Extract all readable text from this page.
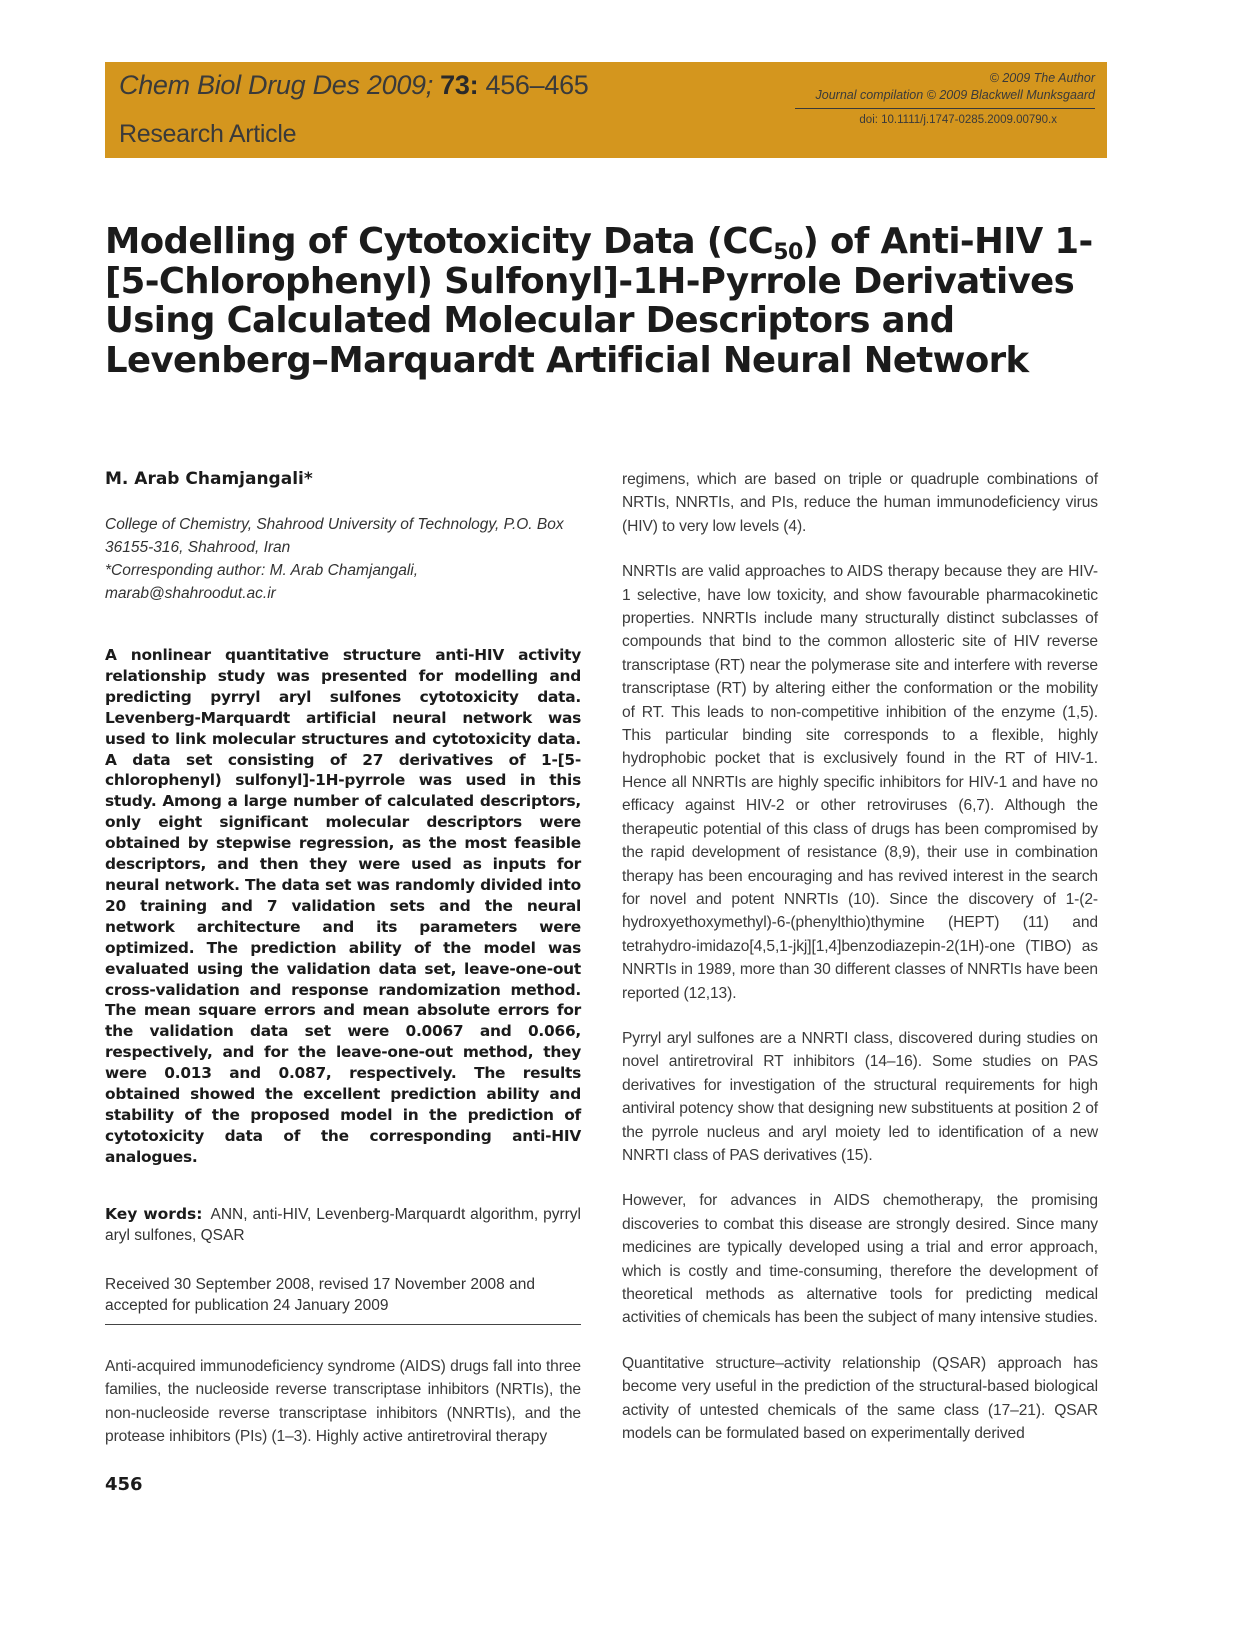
Chem Biol Drug Des 2009; 73: 456–465
Research Article
© 2009 The Author
Journal compilation © 2009 Blackwell Munksgaard
doi: 10.1111/j.1747-0285.2009.00790.x
Modelling of Cytotoxicity Data $(CC_{50})$ of Anti-HIV 1-[5-Chlorophenyl) Sulfonyl]-1H-Pyrrole Derivatives Using Calculated Molecular Descriptors and Levenberg–Marquardt Artificial Neural Network
M. Arab Chamjangali*
College of Chemistry, Shahrood University of Technology, P.O. Box
36155-316, Shahrood, Iran
*Corresponding author: M. Arab Chamjangali,
marab@shahroodut.ac.ir
A nonlinear quantitative structure anti-HIV activity relationship study was presented for modelling and predicting pyrryl aryl sulfones cytotoxicity data. Levenberg-Marquardt artificial neural network was used to link molecular structures and cytotoxicity data. A data set consisting of 27 derivatives of 1-[5-chlorophenyl) sulfonyl]-1H-pyrrole was used in this study. Among a large number of calculated descriptors, only eight significant molecular descriptors were obtained by stepwise regression, as the most feasible descriptors, and then they were used as inputs for neural network. The data set was randomly divided into 20 training and 7 validation sets and the neural network architecture and its parameters were optimized. The prediction ability of the model was evaluated using the validation data set, leave-one-out cross-validation and response randomization method. The mean square errors and mean absolute errors for the validation data set were 0.0067 and 0.066, respectively, and for the leave-one-out method, they were 0.013 and 0.087, respectively. The results obtained showed the excellent prediction ability and stability of the proposed model in the prediction of cytotoxicity data of the corresponding anti-HIV analogues.
Key words: ANN, anti-HIV, Levenberg-Marquardt algorithm, pyrryl aryl sulfones, QSAR
Received 30 September 2008, revised 17 November 2008 and accepted for publication 24 January 2009

Anti-acquired immunodeficiency syndrome (AIDS) drugs fall into three families, the nucleoside reverse transcriptase inhibitors (NRTIs), the non-nucleoside reverse transcriptase inhibitors (NNRTIs), and the protease inhibitors (PIs) (1–3). Highly active antiretroviral therapy

regimens, which are based on triple or quadruple combinations of NRTIs, NNRTIs, and PIs, reduce the human immunodeficiency virus (HIV) to very low levels (4).

NNRTIs are valid approaches to AIDS therapy because they are HIV-1 selective, have low toxicity, and show favourable pharmacokinetic properties. NNRTIs include many structurally distinct subclasses of compounds that bind to the common allosteric site of HIV reverse transcriptase (RT) near the polymerase site and interfere with reverse transcriptase (RT) by altering either the conformation or the mobility of RT. This leads to non-competitive inhibition of the enzyme (1,5). This particular binding site corresponds to a flexible, highly hydrophobic pocket that is exclusively found in the RT of HIV-1. Hence all NNRTIs are highly specific inhibitors for HIV-1 and have no efficacy against HIV-2 or other retroviruses (6,7). Although the therapeutic potential of this class of drugs has been compromised by the rapid development of resistance (8,9), their use in combination therapy has been encouraging and has revived interest in the search for novel and potent NNRTIs (10). Since the discovery of 1-(2-hydroxyethoxymethyl)-6-(phenylthio)thymine (HEPT) (11) and tetrahydro-imidazo[4,5,1-jkj][1,4]benzodiazepin-2(1H)-one (TIBO) as NNRTIs in 1989, more than 30 different classes of NNRTIs have been reported (12,13).

Pyrryl aryl sulfones are a NNRTI class, discovered during studies on novel antiretroviral RT inhibitors (14–16). Some studies on PAS derivatives for investigation of the structural requirements for high antiviral potency show that designing new substituents at position 2 of the pyrrole nucleus and aryl moiety led to identification of a new NNRTI class of PAS derivatives (15).

However, for advances in AIDS chemotherapy, the promising discoveries to combat this disease are strongly desired. Since many medicines are typically developed using a trial and error approach, which is costly and time-consuming, therefore the development of theoretical methods as alternative tools for predicting medical activities of chemicals has been the subject of many intensive studies.

Quantitative structure–activity relationship (QSAR) approach has become very useful in the prediction of the structural-based biological activity of untested chemicals of the same class (17–21). QSAR models can be formulated based on experimentally derived

456
